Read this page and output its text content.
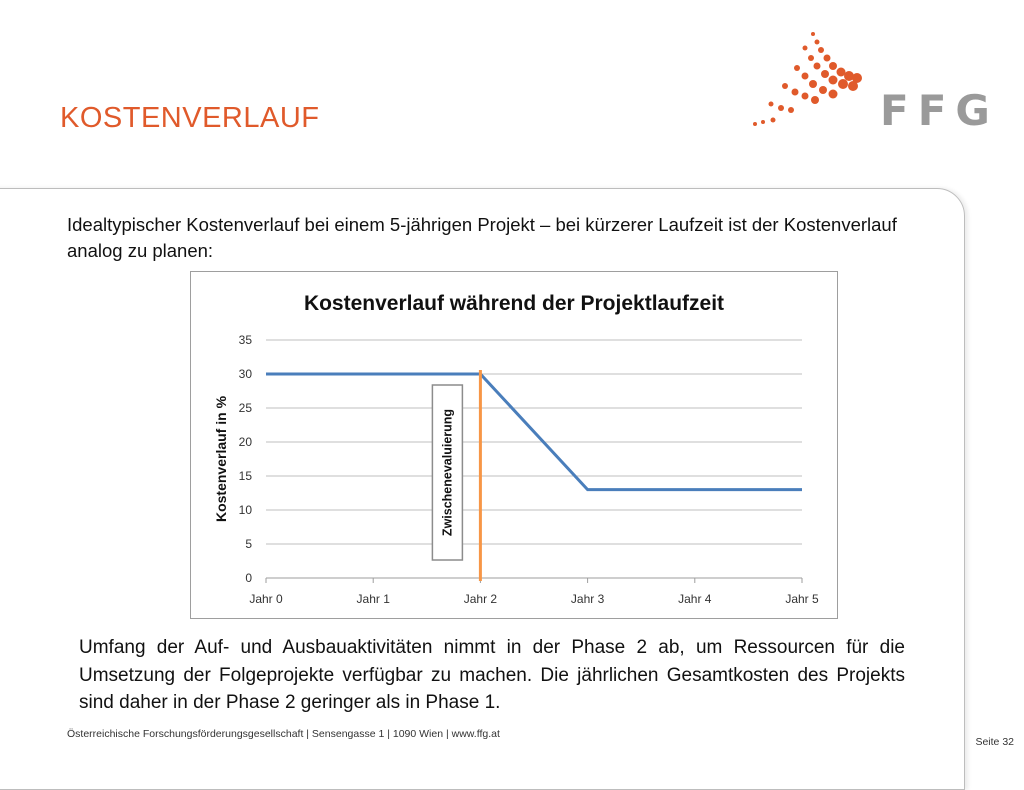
KOSTENVERLAUF	FFG
Idealtypischer Kostenverlauf bei einem 5-jährigen Projekt – bei kürzerer Laufzeit ist der Kostenverlauf analog zu planen:
Kostenverlauf während der Projektlaufzeit
0
5
10
15
20
25
30
35
Jahr 0	Jahr 1	Jahr 2	Jahr 3	Jahr 4	Jahr 5
Kostenverlauf in %	Zwischenevaluierung
Umfang der Auf- und Ausbauaktivitäten nimmt in der Phase 2 ab, um Ressourcen für die Umsetzung der Folgeprojekte verfügbar zu machen. Die jährlichen Gesamtkosten des Projekts sind daher in der Phase 2 geringer als in Phase 1.
Österreichische Forschungsförderungsgesellschaft | Sensengasse 1 | 1090 Wien | www.ffg.at
Seite 32
